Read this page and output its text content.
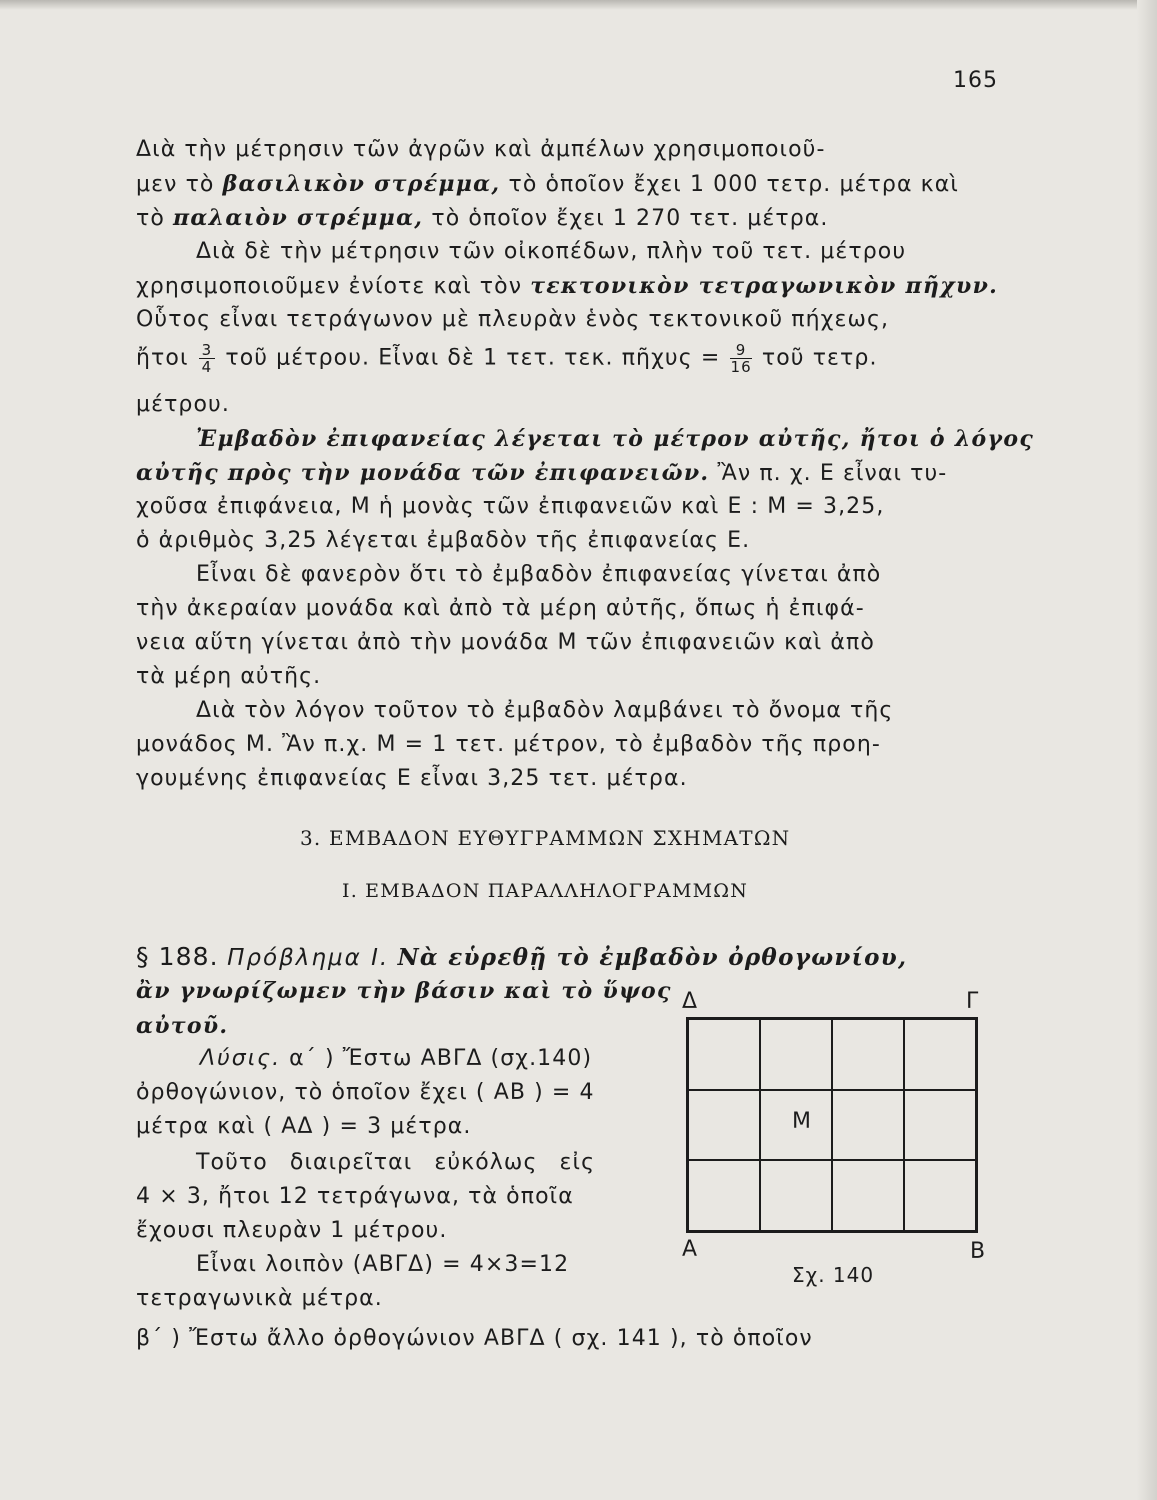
165

Διὰ τὴν μέτρησιν τῶν ἀγρῶν καὶ ἀμπέλων χρησιμοποιοῦ-

μεν τὸ βασιλικὸν στρέμμα, τὸ ὁποῖον ἔχει 1 000 τετρ. μέτρα καὶ

τὸ παλαιὸν στρέμμα, τὸ ὁποῖον ἔχει 1 270 τετ. μέτρα.

Διὰ δὲ τὴν μέτρησιν τῶν οἰκοπέδων, πλὴν τοῦ τετ. μέτρου

χρησιμοποιοῦμεν ἐνίοτε καὶ τὸν τεκτονικὸν τετραγωνικὸν πῆχυν.

Οὗτος εἶναι τετράγωνον μὲ πλευρὰν ἑνὸς τεκτονικοῦ πήχεως,

ἤτοι $\frac{3}{4}$ τοῦ μέτρου. Εἶναι δὲ 1 τετ. τεκ. πῆχυς = $\frac{9}{16}$ τοῦ τετρ.

μέτρου.

Ἐμβαδὸν ἐπιφανείας λέγεται τὸ μέτρον αὐτῆς, ἤτοι ὁ λόγος

αὐτῆς πρὸς τὴν μονάδα τῶν ἐπιφανειῶν. Ἂν π. χ. Ε εἶναι τυ-

χοῦσα ἐπιφάνεια, Μ ἡ μονὰς τῶν ἐπιφανειῶν καὶ Ε : Μ = 3,25,

ὁ ἀριθμὸς 3,25 λέγεται ἐμβαδὸν τῆς ἐπιφανείας Ε.

Εἶναι δὲ φανερὸν ὅτι τὸ ἐμβαδὸν ἐπιφανείας γίνεται ἀπὸ

τὴν ἀκεραίαν μονάδα καὶ ἀπὸ τὰ μέρη αὐτῆς, ὅπως ἡ ἐπιφά-

νεια αὕτη γίνεται ἀπὸ τὴν μονάδα Μ τῶν ἐπιφανειῶν καὶ ἀπὸ

τὰ μέρη αὐτῆς.

Διὰ τὸν λόγον τοῦτον τὸ ἐμβαδὸν λαμβάνει τὸ ὄνομα τῆς

μονάδος Μ. Ἂν π.χ. Μ = 1 τετ. μέτρον, τὸ ἐμβαδὸν τῆς προη-

γουμένης ἐπιφανείας Ε εἶναι 3,25 τετ. μέτρα.

3. ΕΜΒΑΔΟΝ ΕΥΘΥΓΡΑΜΜΩΝ ΣΧΗΜΑΤΩΝ
Ι. ΕΜΒΑΔΟΝ ΠΑΡΑΛΛΗΛΟΓΡΑΜΜΩΝ

§ 188. Πρόβλημα Ι. Νὰ εὑρεθῇ τὸ ἐμβαδὸν ὀρθογωνίου,

ἂν γνωρίζωμεν τὴν βάσιν καὶ τὸ ὕψος

αὐτοῦ.

Λύσις. α΄ ) Ἔστω ΑΒΓΔ (σχ.140)

ὀρθογώνιον, τὸ ὁποῖον ἔχει ( ΑΒ ) = 4

μέτρα καὶ ( ΑΔ ) = 3 μέτρα.

Τοῦτο διαιρεῖται εὐκόλως εἰς

4 × 3, ἤτοι 12 τετράγωνα, τὰ ὁποῖα

ἔχουσι πλευρὰν 1 μέτρου.

Εἶναι λοιπὸν (ΑΒΓΔ) = 4×3=12

τετραγωνικὰ μέτρα.

β΄ ) Ἔστω ἄλλο ὀρθογώνιον ΑΒΓΔ ( σχ. 141 ), τὸ ὁποῖον

Δ	Γ
Μ
Α	Β
Σχ. 140
